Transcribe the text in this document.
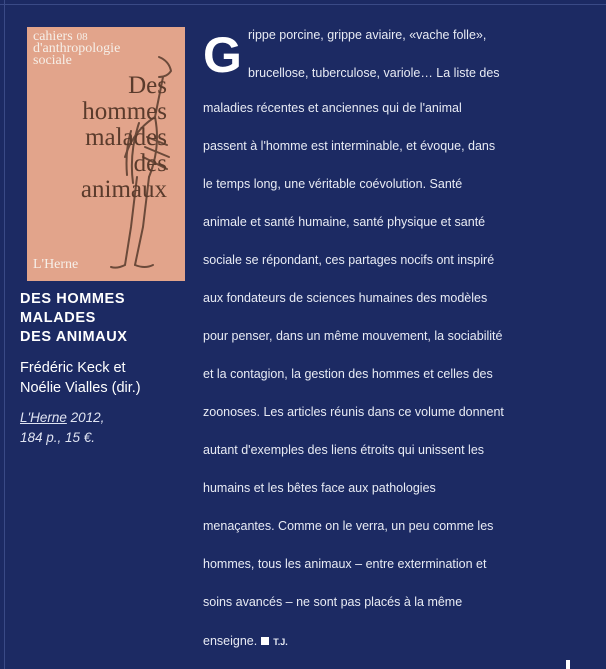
cahiers $^{08}$
d'anthropologie
sociale
Des
hommes
malades
des
animaux
L'Herne
DES HOMMES
MALADES
DES ANIMAUX
Frédéric Keck et
Noélie Vialles (dir.)
L'Herne 2012,
184 p., 15 €.
G rippe porcine, grippe aviaire, «vache folle»,
brucellose, tuberculose, variole… La liste des
maladies récentes et anciennes qui de l'animal
passent à l'homme est interminable, et évoque, dans
le temps long, une véritable coévolution. Santé
animale et santé humaine, santé physique et santé
sociale se répondant, ces partages nocifs ont inspiré
aux fondateurs de sciences humaines des modèles
pour penser, dans un même mouvement, la sociabilité
et la contagion, la gestion des hommes et celles des
zoonoses. Les articles réunis dans ce volume donnent
autant d'exemples des liens étroits qui unissent les
humains et les bêtes face aux pathologies
menaçantes. Comme on le verra, un peu comme les
hommes, tous les animaux – entre extermination et
soins avancés – ne sont pas placés à la même
enseigne. T.J.
